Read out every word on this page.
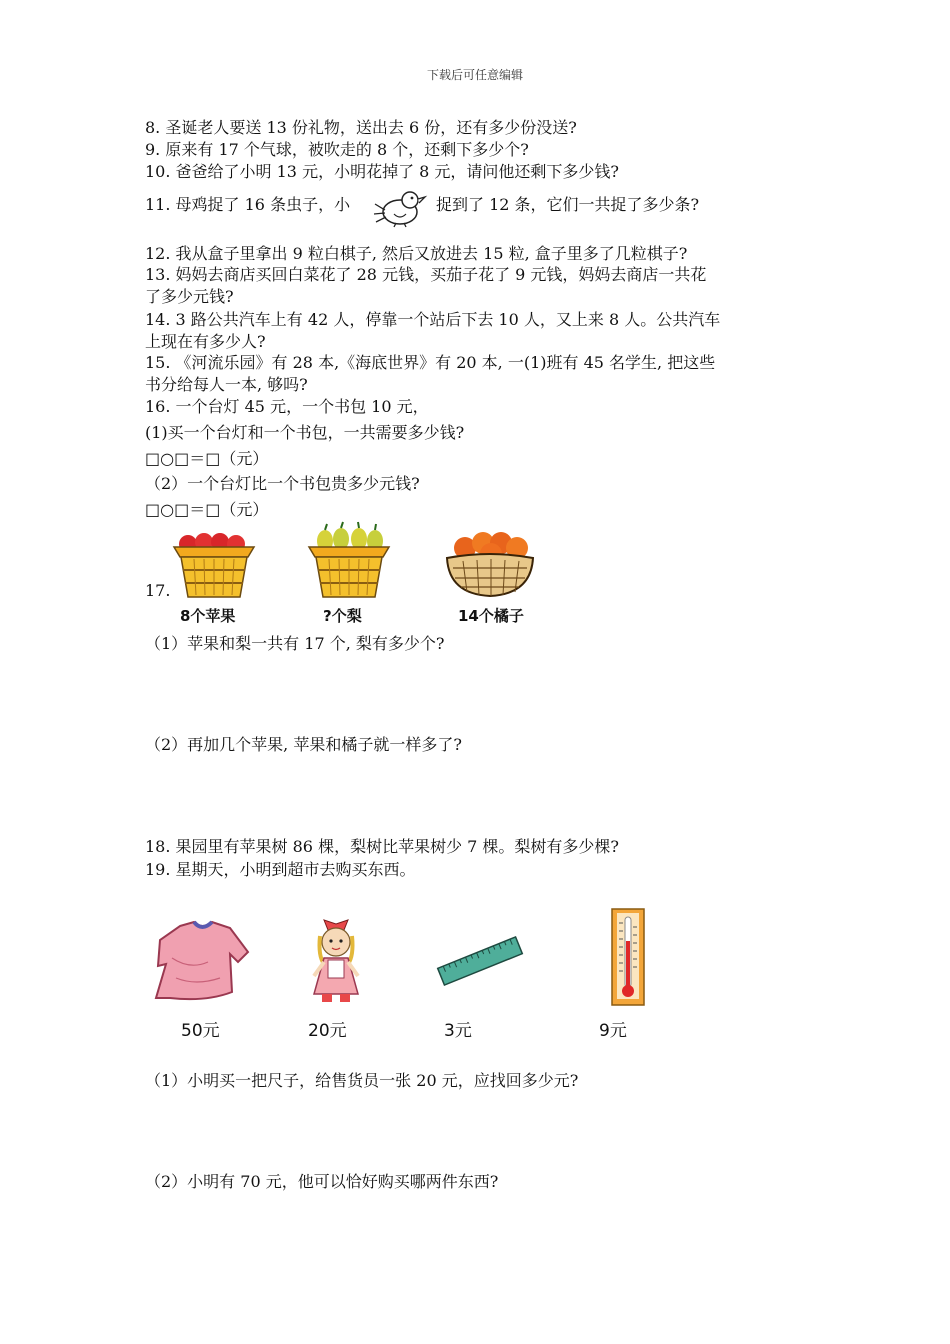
下载后可任意编辑
8. 圣诞老人要送 13 份礼物，送出去 6 份，还有多少份没送?
9. 原来有 17 个气球，被吹走的 8 个，还剩下多少个?
10. 爸爸给了小明 13 元，小明花掉了 8 元，请问他还剩下多少钱?
11. 母鸡捉了 16 条虫子，小	捉到了 12 条，它们一共捉了多少条?
12. 我从盒子里拿出 9 粒白棋子, 然后又放进去 15 粒, 盒子里多了几粒棋子?
13. 妈妈去商店买回白菜花了 28 元钱，买茄子花了 9 元钱，妈妈去商店一共花
了多少元钱?
14. 3 路公共汽车上有 42 人，停靠一个站后下去 10 人，又上来 8 人。公共汽车
上现在有多少人?
15. 《河流乐园》有 28 本,《海底世界》有 20 本, 一(1)班有 45 名学生, 把这些
书分给每人一本, 够吗?
16. 一个台灯 45 元，一个书包 10 元，
(1)买一个台灯和一个书包，一共需要多少钱?
□○□＝□（元）
（2）一个台灯比一个书包贵多少元钱?
□○□＝□（元）
17.
8个苹果	?个梨	14个橘子
（1）苹果和梨一共有 17 个, 梨有多少个?
（2）再加几个苹果, 苹果和橘子就一样多了?
18. 果园里有苹果树 86 棵，梨树比苹果树少 7 棵。梨树有多少棵?
19. 星期天，小明到超市去购买东西。
50元	20元	3元	9元
（1）小明买一把尺子，给售货员一张 20 元，应找回多少元?
（2）小明有 70 元，他可以恰好购买哪两件东西?
